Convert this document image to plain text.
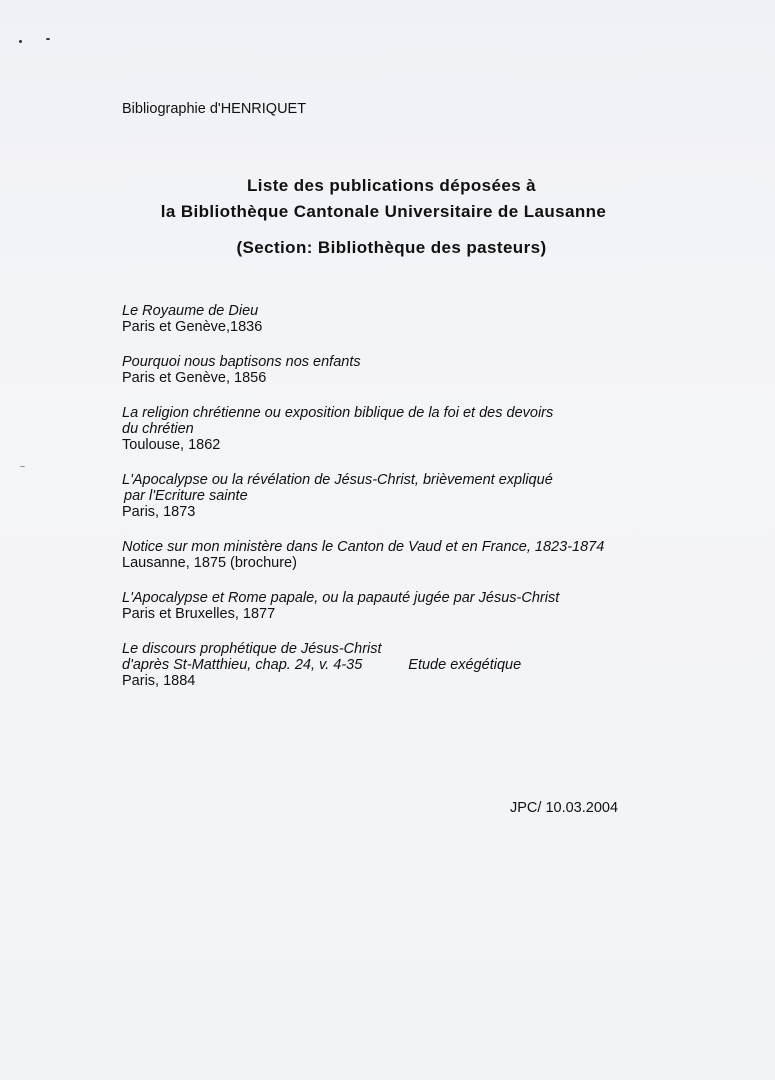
Bibliographie d'HENRIQUET
Liste des publications déposées à
la Bibliothèque Cantonale Universitaire de Lausanne
(Section: Bibliothèque des pasteurs)
Le Royaume de Dieu
Paris et Genève,1836
Pourquoi nous baptisons nos enfants
Paris et Genève, 1856
La religion chrétienne ou exposition biblique de la foi et des devoirs
du chrétien
Toulouse, 1862
L'Apocalypse ou la révélation de Jésus-Christ, brièvement expliqué
par l'Ecriture sainte
Paris, 1873
Notice sur mon ministère dans le Canton de Vaud et en France, 1823-1874
Lausanne, 1875 (brochure)
L'Apocalypse et Rome papale, ou la papauté jugée par Jésus-Christ
Paris et Bruxelles, 1877
Le discours prophétique de Jésus-Christ
d'après St-Matthieu, chap. 24, v. 4-35	Etude exégétique
Paris, 1884
JPC/ 10.03.2004
